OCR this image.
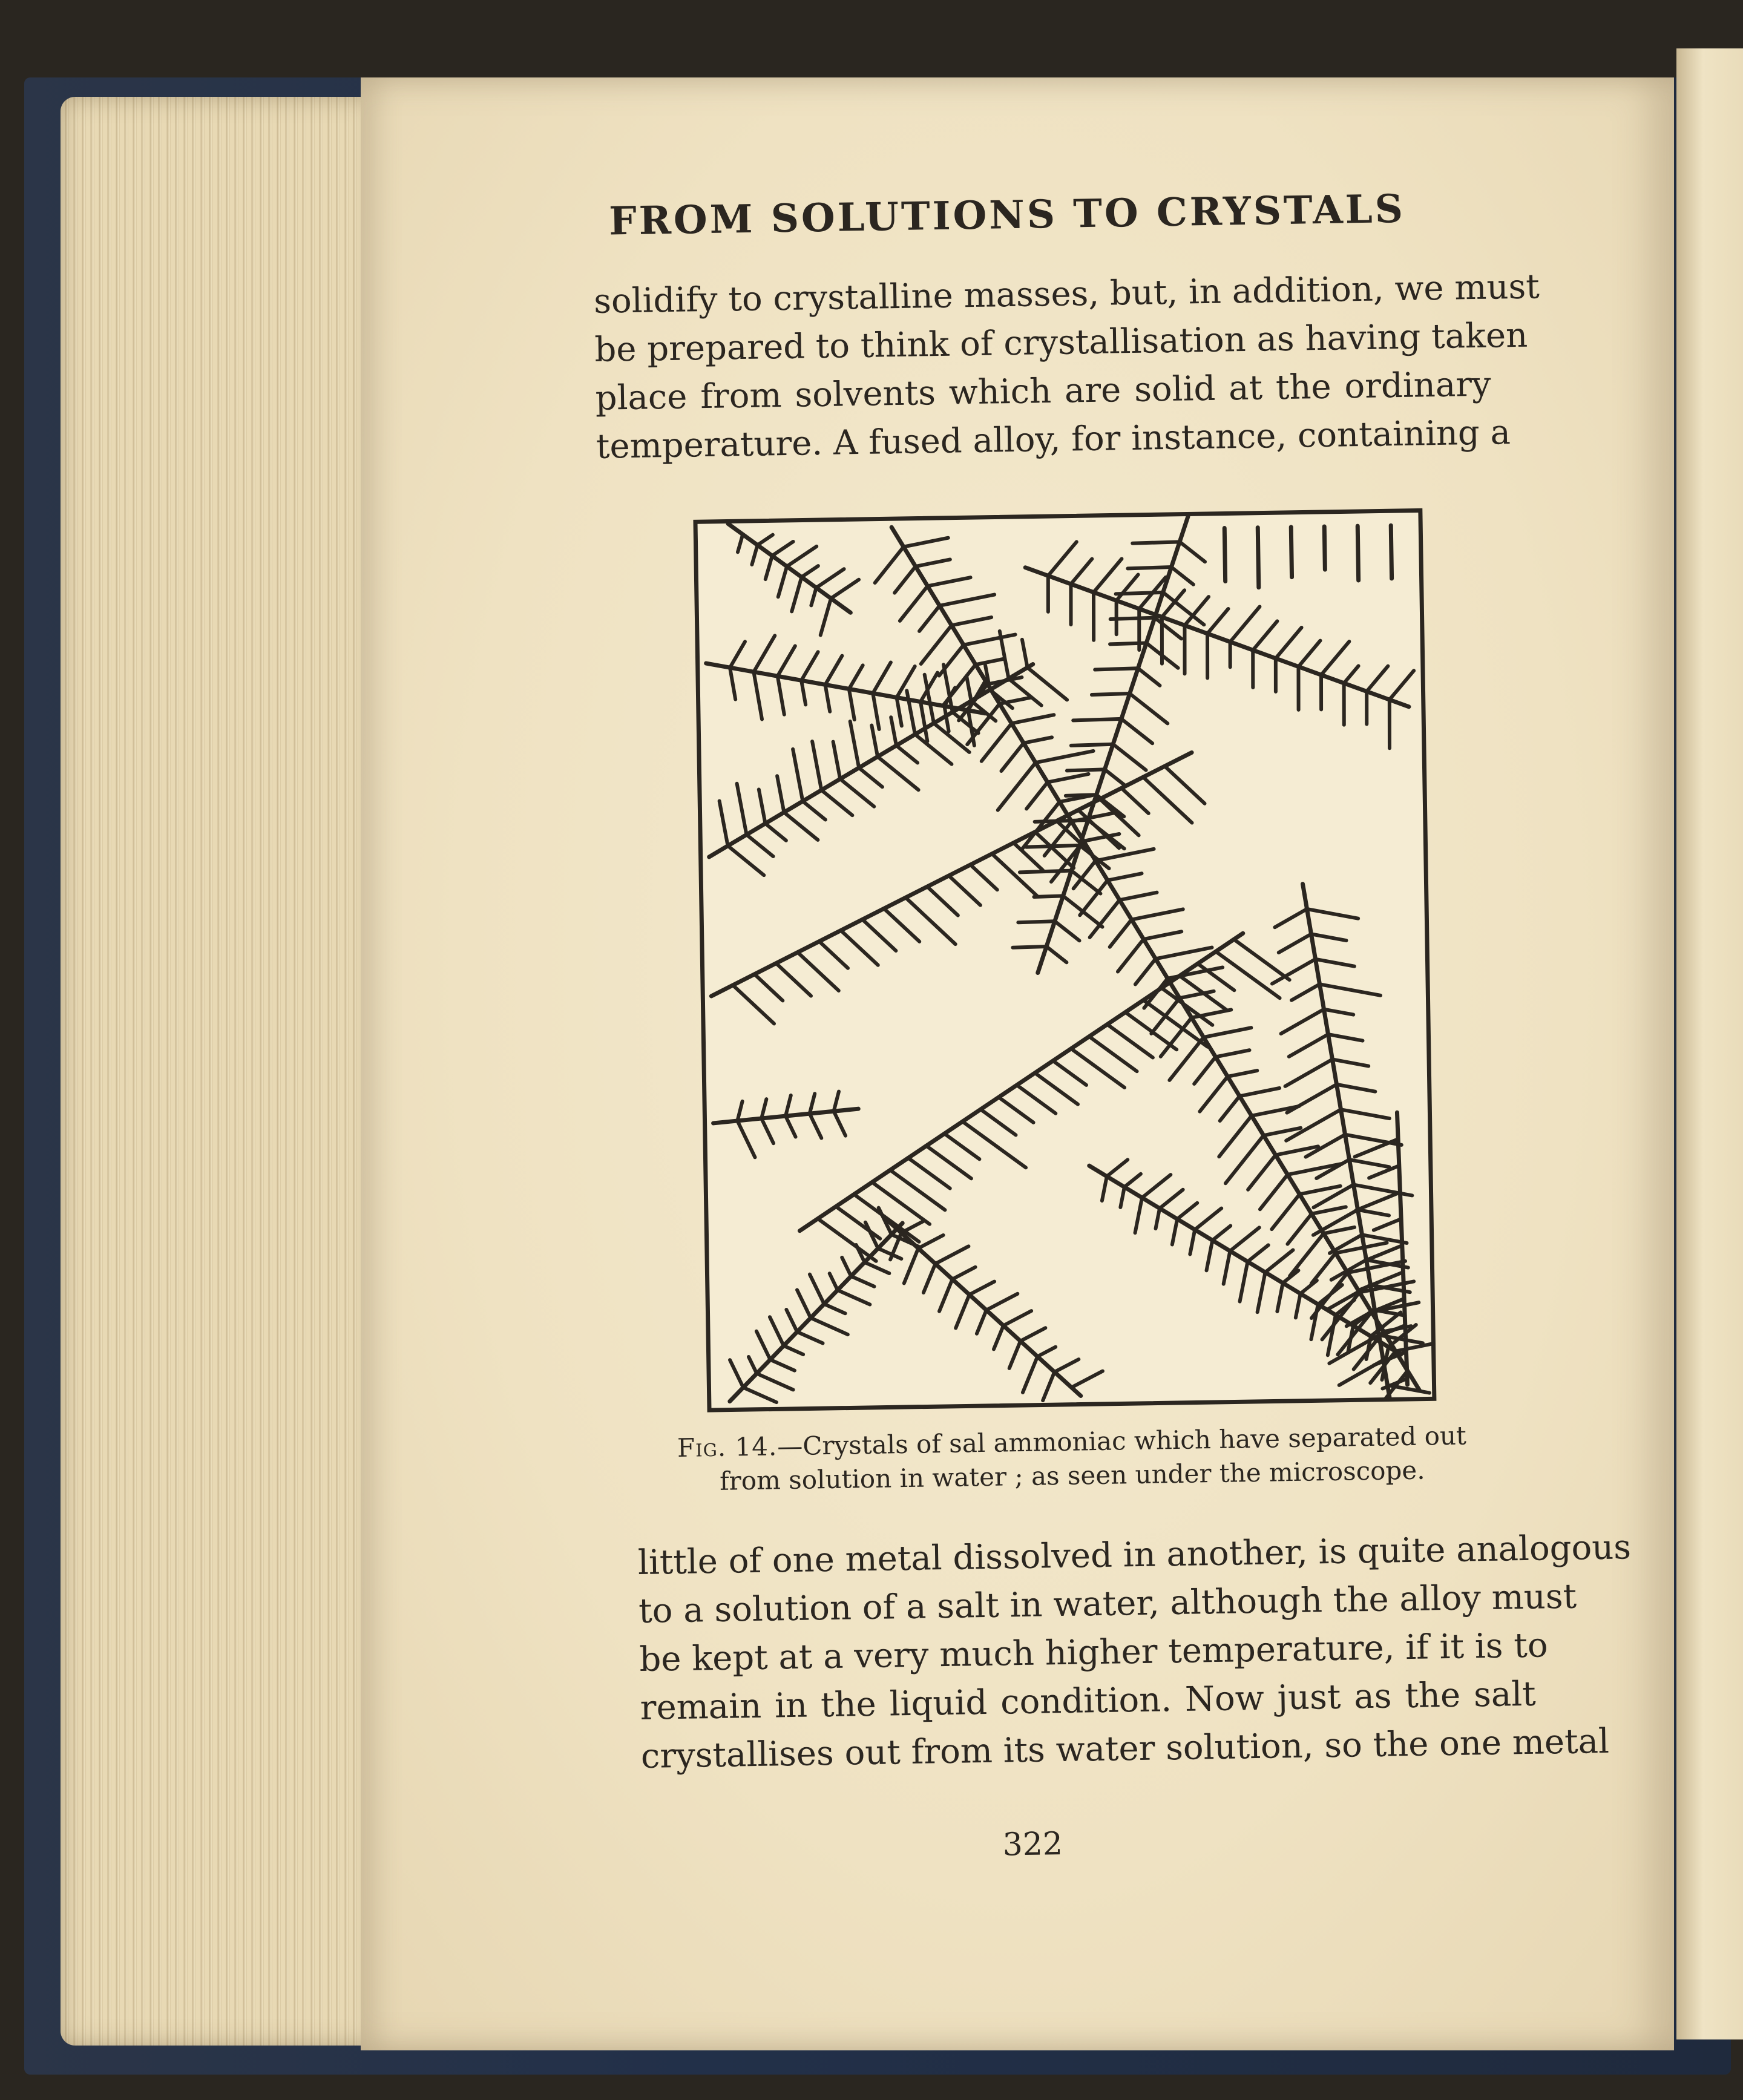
FROM SOLUTIONS TO CRYSTALS
solidify to crystalline masses, but, in addition, we must
be prepared to think of crystallisation as having taken
place from solvents which are solid at the ordinary
temperature. A fused alloy, for instance, containing a
Fig. 14.—Crystals of sal ammoniac which have separated out
from solution in water ; as seen under the microscope.
little of one metal dissolved in another, is quite analogous
to a solution of a salt in water, although the alloy must
be kept at a very much higher temperature, if it is to
remain in the liquid condition. Now just as the salt
crystallises out from its water solution, so the one metal
322
